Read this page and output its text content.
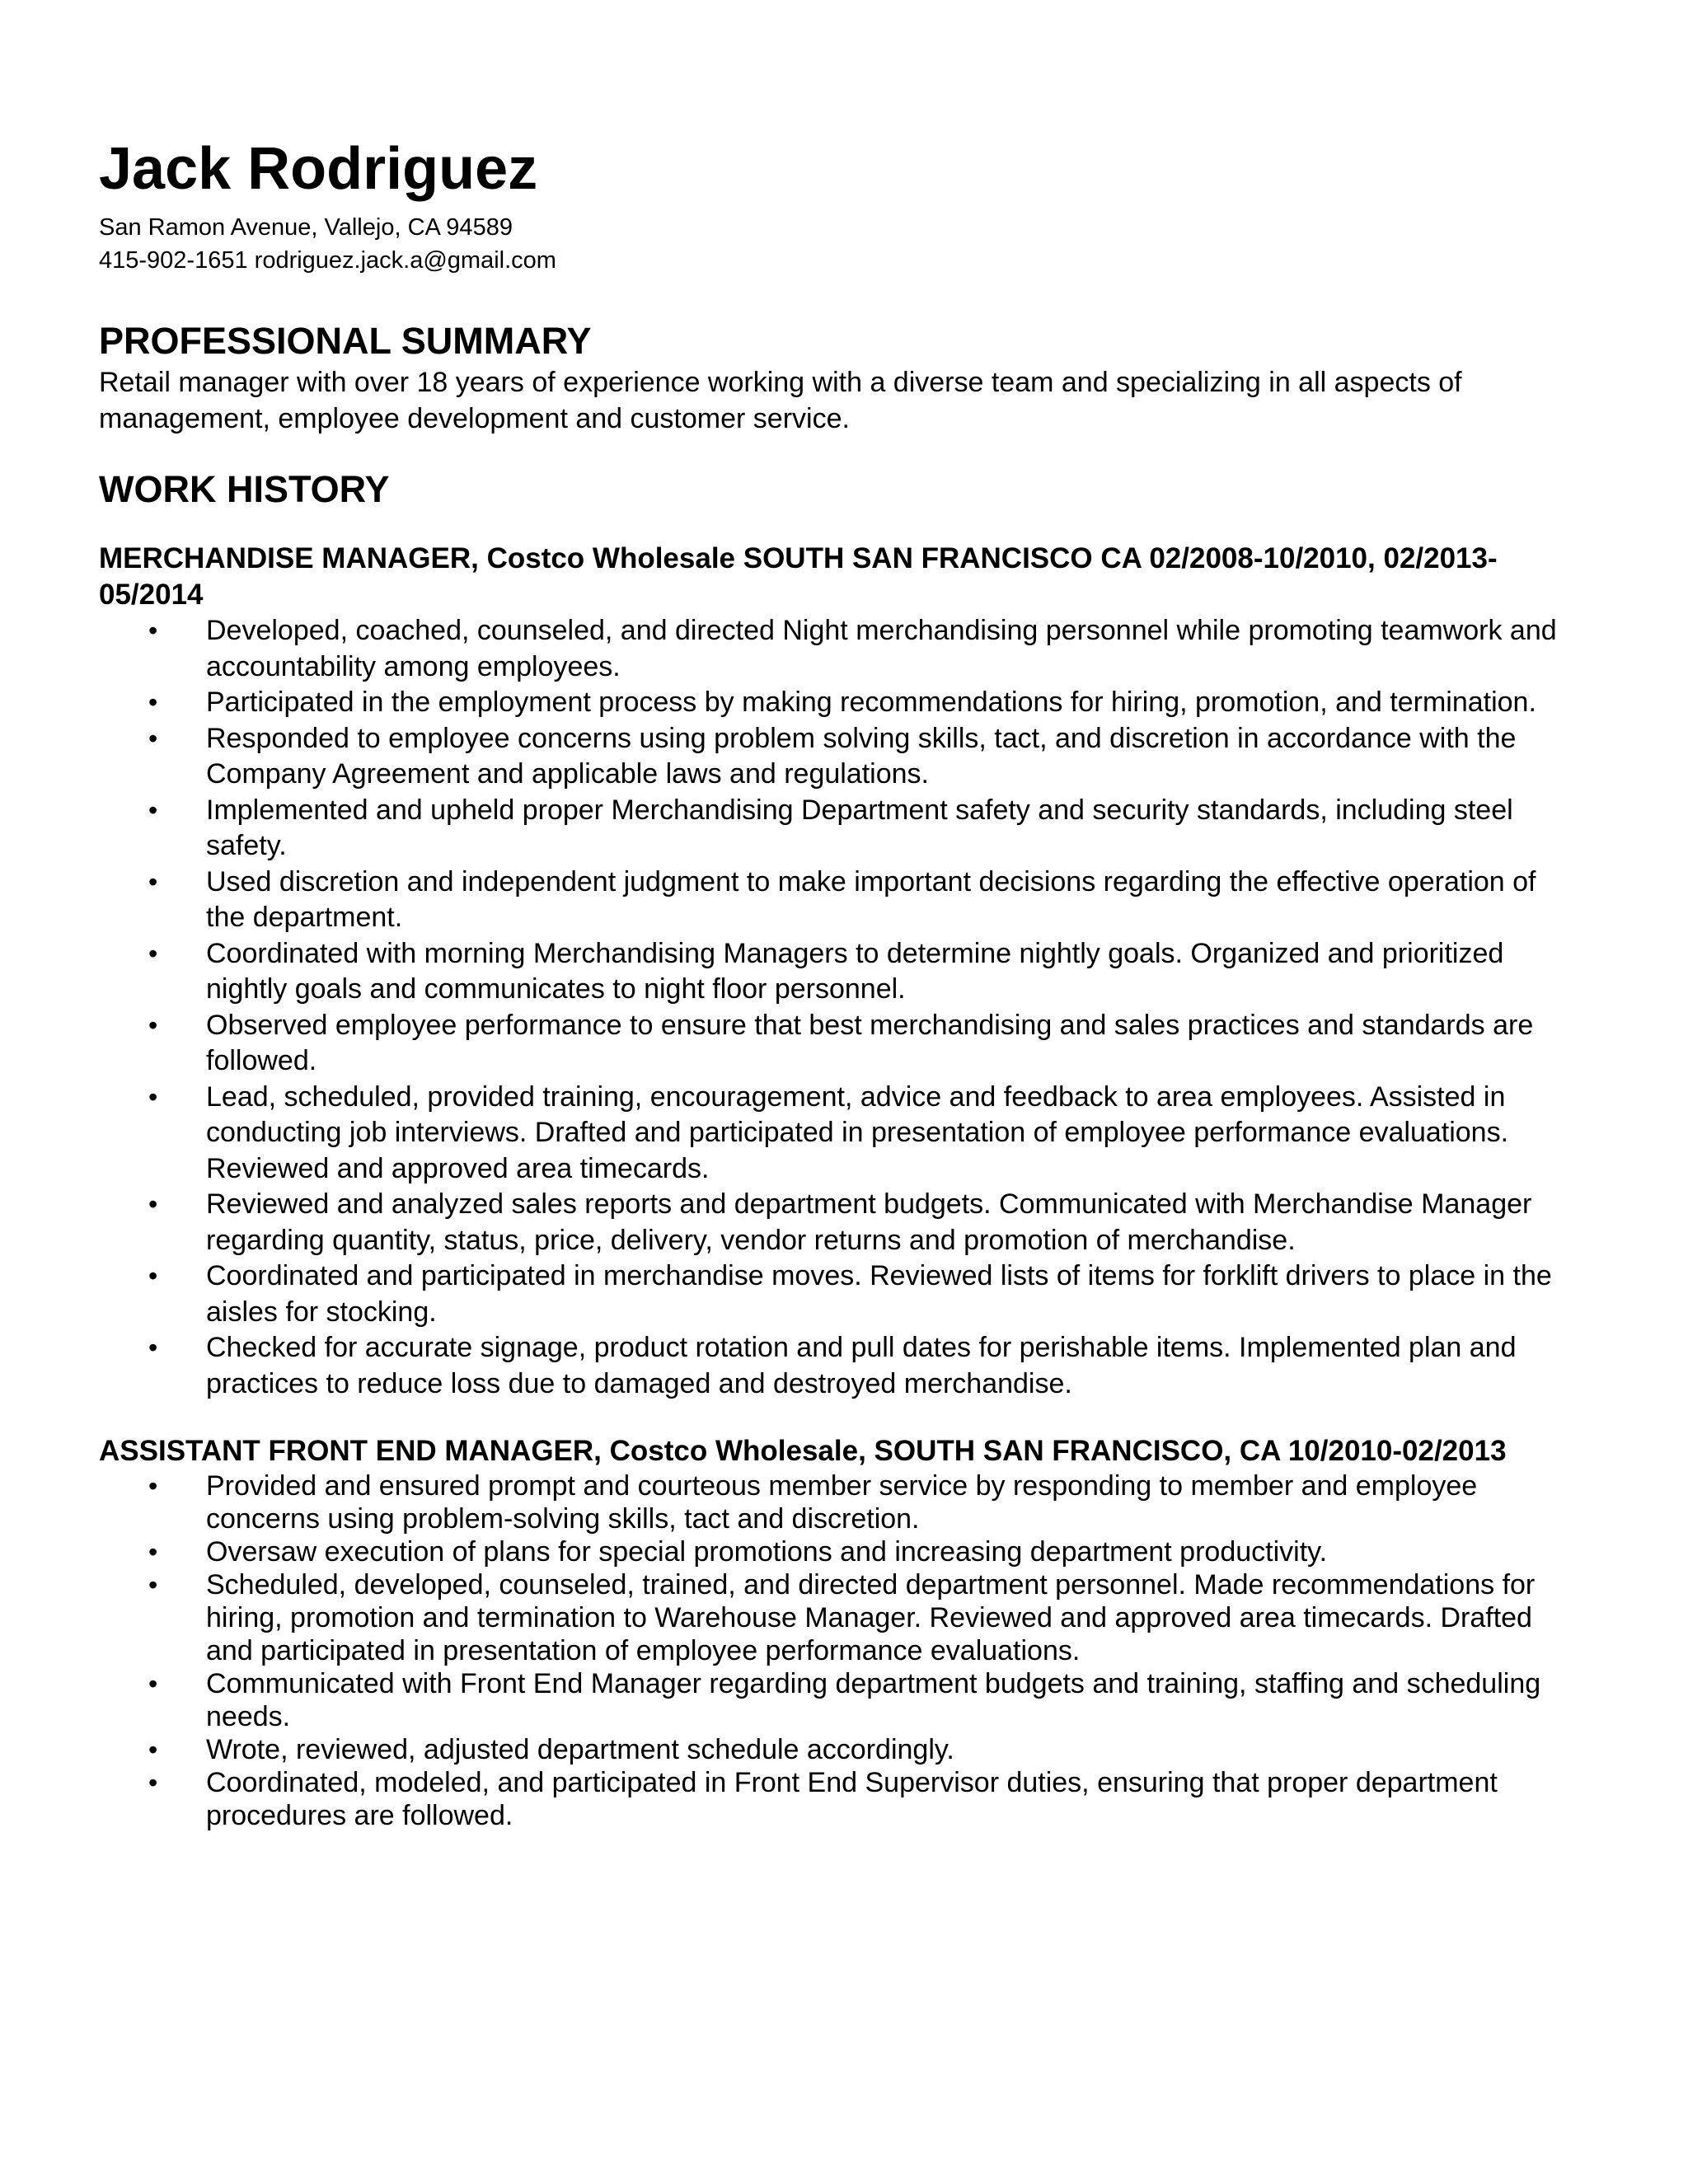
Jack Rodriguez
San Ramon Avenue, Vallejo, CA 94589
415-902-1651 rodriguez.jack.a@gmail.com
PROFESSIONAL SUMMARY

Retail manager with over 18 years of experience working with a diverse team and specializing in all aspects of management, employee development and customer service.

WORK HISTORY
MERCHANDISE MANAGER, Costco Wholesale SOUTH SAN FRANCISCO CA 02/2008-10/2010, 02/2013-05/2014
• Developed, coached, counseled, and directed Night merchandising personnel while promoting teamwork and accountability among employees.
• Participated in the employment process by making recommendations for hiring, promotion, and termination.
• Responded to employee concerns using problem solving skills, tact, and discretion in accordance with the Company Agreement and applicable laws and regulations.
• Implemented and upheld proper Merchandising Department safety and security standards, including steel safety.
• Used discretion and independent judgment to make important decisions regarding the effective operation of the department.
• Coordinated with morning Merchandising Managers to determine nightly goals. Organized and prioritized nightly goals and communicates to night floor personnel.
• Observed employee performance to ensure that best merchandising and sales practices and standards are followed.
• Lead, scheduled, provided training, encouragement, advice and feedback to area employees. Assisted in conducting job interviews. Drafted and participated in presentation of employee performance evaluations. Reviewed and approved area timecards.
• Reviewed and analyzed sales reports and department budgets. Communicated with Merchandise Manager regarding quantity, status, price, delivery, vendor returns and promotion of merchandise.
• Coordinated and participated in merchandise moves. Reviewed lists of items for forklift drivers to place in the aisles for stocking.
• Checked for accurate signage, product rotation and pull dates for perishable items. Implemented plan and practices to reduce loss due to damaged and destroyed merchandise.
ASSISTANT FRONT END MANAGER, Costco Wholesale, SOUTH SAN FRANCISCO, CA 10/2010-02/2013
• Provided and ensured prompt and courteous member service by responding to member and employee concerns using problem-solving skills, tact and discretion.
• Oversaw execution of plans for special promotions and increasing department productivity.
• Scheduled, developed, counseled, trained, and directed department personnel. Made recommendations for hiring, promotion and termination to Warehouse Manager. Reviewed and approved area timecards. Drafted and participated in presentation of employee performance evaluations.
• Communicated with Front End Manager regarding department budgets and training, staffing and scheduling needs.
• Wrote, reviewed, adjusted department schedule accordingly.
• Coordinated, modeled, and participated in Front End Supervisor duties, ensuring that proper department procedures are followed.
